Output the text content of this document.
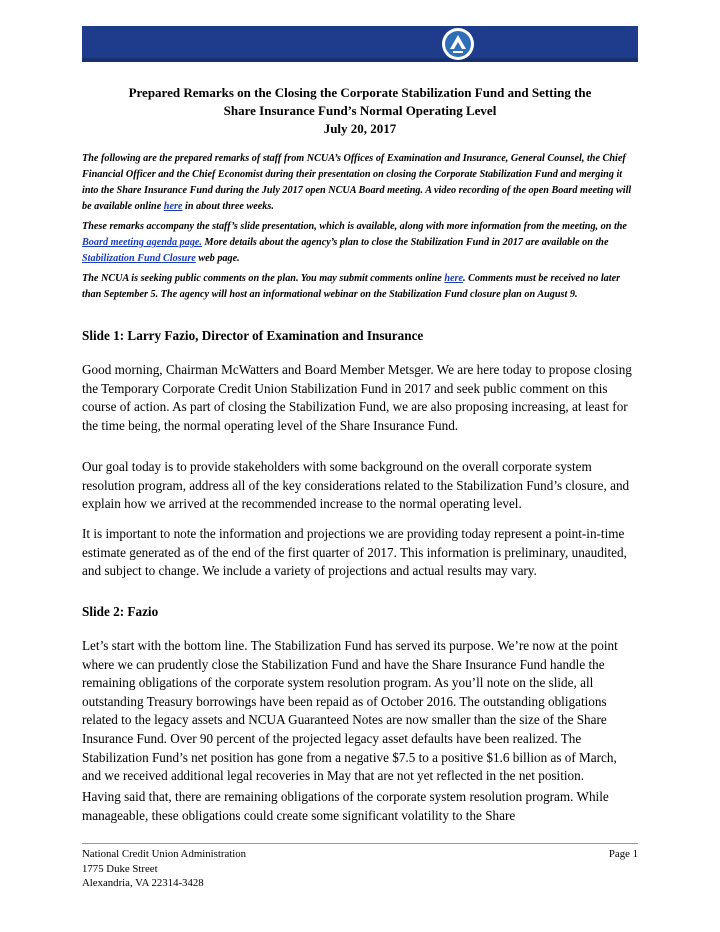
Prepared Remarks on the Closing the Corporate Stabilization Fund and Setting the
Share Insurance Fund’s Normal Operating Level
July 20, 2017
The following are the prepared remarks of staff from NCUA’s Offices of Examination and Insurance, General Counsel, the Chief Financial Officer and the Chief Economist during their presentation on closing the Corporate Stabilization Fund and merging it into the Share Insurance Fund during the July 2017 open NCUA Board meeting. A video recording of the open Board meeting will be available online here in about three weeks.
These remarks accompany the staff’s slide presentation, which is available, along with more information from the meeting, on the Board meeting agenda page. More details about the agency’s plan to close the Stabilization Fund in 2017 are available on the Stabilization Fund Closure web page.
The NCUA is seeking public comments on the plan. You may submit comments online here. Comments must be received no later than September 5. The agency will host an informational webinar on the Stabilization Fund closure plan on August 9.
Slide 1: Larry Fazio, Director of Examination and Insurance
Good morning, Chairman McWatters and Board Member Metsger. We are here today to propose closing the Temporary Corporate Credit Union Stabilization Fund in 2017 and seek public comment on this course of action. As part of closing the Stabilization Fund, we are also proposing increasing, at least for the time being, the normal operating level of the Share Insurance Fund.
Our goal today is to provide stakeholders with some background on the overall corporate system resolution program, address all of the key considerations related to the Stabilization Fund’s closure, and explain how we arrived at the recommended increase to the normal operating level.
It is important to note the information and projections we are providing today represent a point-in-time estimate generated as of the end of the first quarter of 2017. This information is preliminary, unaudited, and subject to change. We include a variety of projections and actual results may vary.
Slide 2: Fazio
Let’s start with the bottom line. The Stabilization Fund has served its purpose. We’re now at the point where we can prudently close the Stabilization Fund and have the Share Insurance Fund handle the remaining obligations of the corporate system resolution program. As you’ll note on the slide, all outstanding Treasury borrowings have been repaid as of October 2016. The outstanding obligations related to the legacy assets and NCUA Guaranteed Notes are now smaller than the size of the Share Insurance Fund. Over 90 percent of the projected legacy asset defaults have been realized. The Stabilization Fund’s net position has gone from a negative $7.5 to a positive $1.6 billion as of March, and we received additional legal recoveries in May that are not yet reflected in the net position.
Having said that, there are remaining obligations of the corporate system resolution program. While manageable, these obligations could create some significant volatility to the Share
National Credit Union Administration
1775 Duke Street
Alexandria, VA 22314-3428
Page 1
